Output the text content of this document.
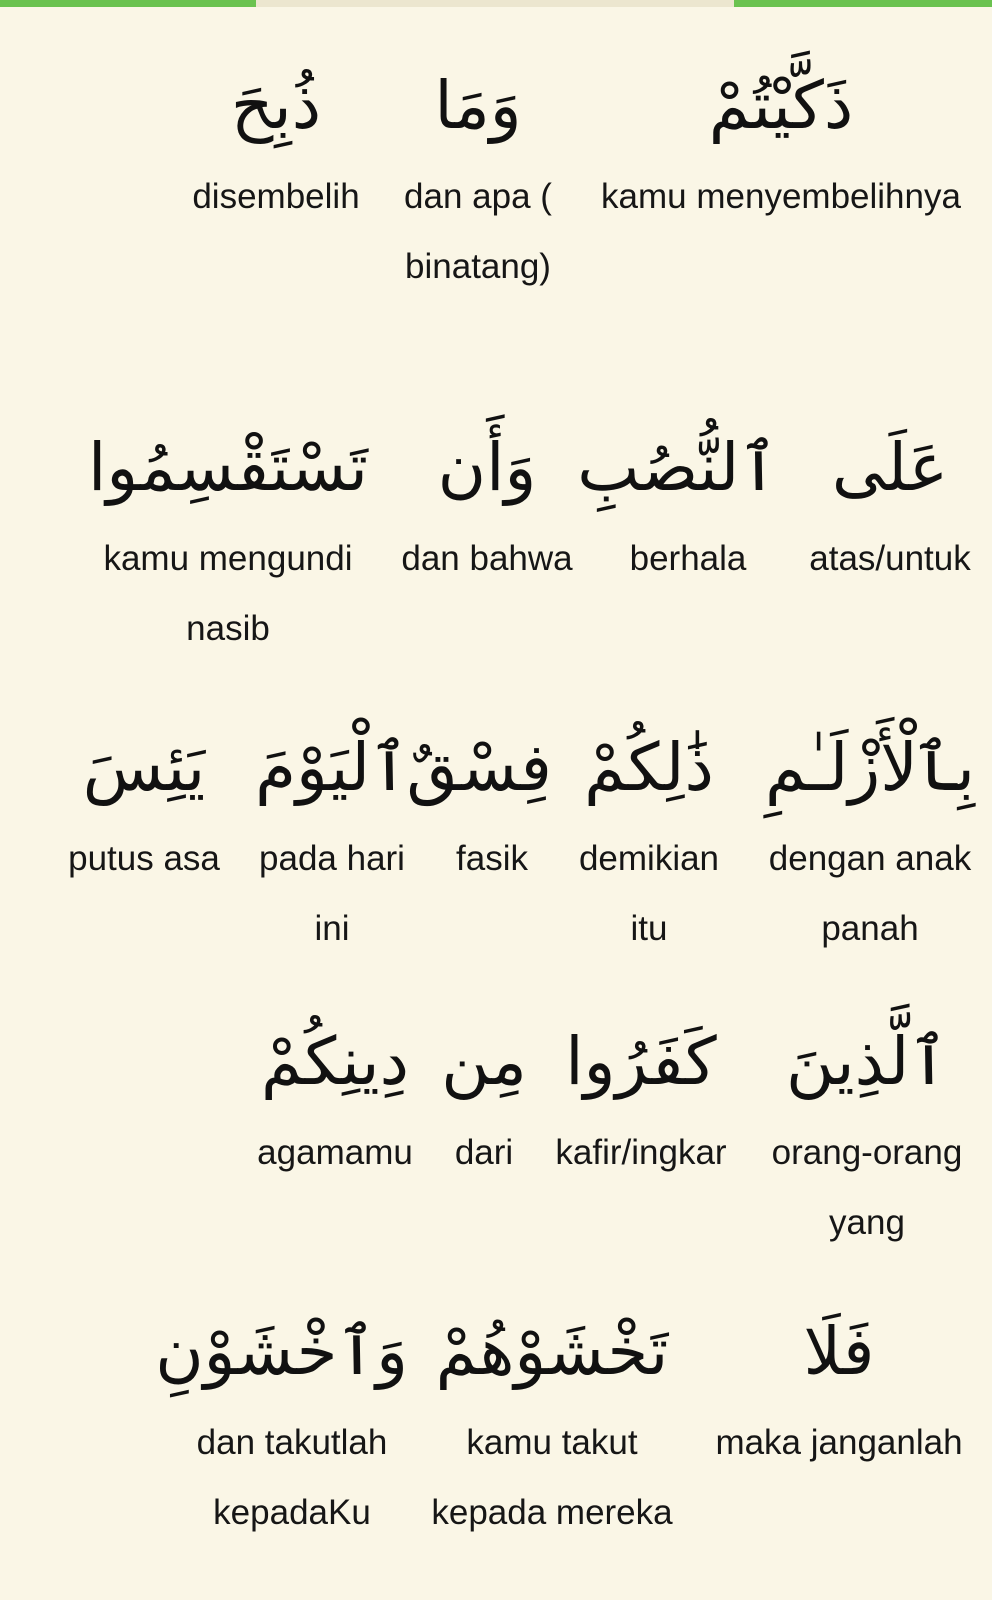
ذَكَّيْتُمْ
kamu menyembelihnya
وَمَا
dan apa ( binatang)
ذُبِحَ
disembelih
عَلَى
atas/untuk
ٱلنُّصُبِ
berhala
وَأَن
dan bahwa
تَسْتَقْسِمُوا
kamu mengundi nasib
بِٱلْأَزْلَـٰمِ
dengan anak panah
ذَٰلِكُمْ
demikian itu
فِسْقٌ
fasik
ٱلْيَوْمَ
pada hari ini
يَئِسَ
putus asa
ٱلَّذِينَ
orang-orang yang
كَفَرُوا
kafir/ingkar
مِن
dari
دِينِكُمْ
agamamu
فَلَا
maka janganlah
تَخْشَوْهُمْ
kamu takut kepada mereka
وَٱخْشَوْنِ
dan takutlah kepadaKu
